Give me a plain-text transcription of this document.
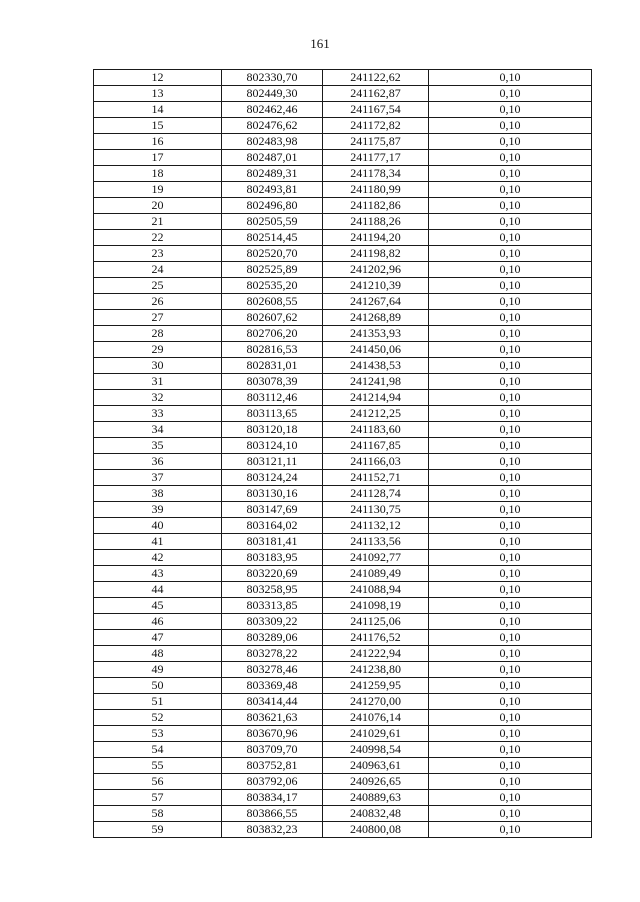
161
12	802330,70	241122,62	0,10
13	802449,30	241162,87	0,10
14	802462,46	241167,54	0,10
15	802476,62	241172,82	0,10
16	802483,98	241175,87	0,10
17	802487,01	241177,17	0,10
18	802489,31	241178,34	0,10
19	802493,81	241180,99	0,10
20	802496,80	241182,86	0,10
21	802505,59	241188,26	0,10
22	802514,45	241194,20	0,10
23	802520,70	241198,82	0,10
24	802525,89	241202,96	0,10
25	802535,20	241210,39	0,10
26	802608,55	241267,64	0,10
27	802607,62	241268,89	0,10
28	802706,20	241353,93	0,10
29	802816,53	241450,06	0,10
30	802831,01	241438,53	0,10
31	803078,39	241241,98	0,10
32	803112,46	241214,94	0,10
33	803113,65	241212,25	0,10
34	803120,18	241183,60	0,10
35	803124,10	241167,85	0,10
36	803121,11	241166,03	0,10
37	803124,24	241152,71	0,10
38	803130,16	241128,74	0,10
39	803147,69	241130,75	0,10
40	803164,02	241132,12	0,10
41	803181,41	241133,56	0,10
42	803183,95	241092,77	0,10
43	803220,69	241089,49	0,10
44	803258,95	241088,94	0,10
45	803313,85	241098,19	0,10
46	803309,22	241125,06	0,10
47	803289,06	241176,52	0,10
48	803278,22	241222,94	0,10
49	803278,46	241238,80	0,10
50	803369,48	241259,95	0,10
51	803414,44	241270,00	0,10
52	803621,63	241076,14	0,10
53	803670,96	241029,61	0,10
54	803709,70	240998,54	0,10
55	803752,81	240963,61	0,10
56	803792,06	240926,65	0,10
57	803834,17	240889,63	0,10
58	803866,55	240832,48	0,10
59	803832,23	240800,08	0,10
